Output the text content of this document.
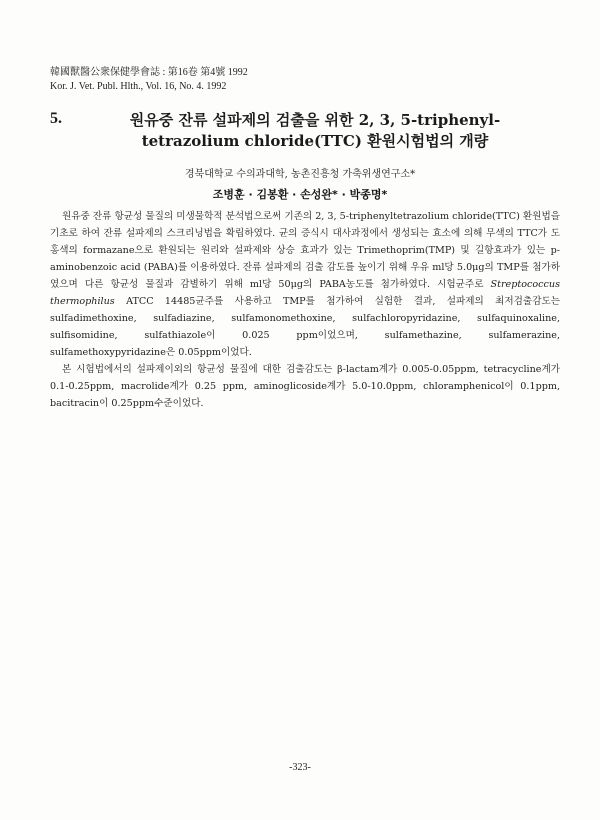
韓國獸醫公衆保健學會誌 : 第16卷 第4號 1992
Kor. J. Vet. Publ. Hlth., Vol. 16, No. 4. 1992
5.	원유중 잔류 설파제의 검출을 위한 2, 3, 5-triphenyl-
tetrazolium chloride(TTC) 환원시험법의 개량
경북대학교 수의과대학, 농촌진흥청 가축위생연구소*
조병훈 · 김봉환 · 손성완* · 박종명*

원유중 잔류 항균성 물질의 미생물학적 분석법으로써 기존의 2, 3, 5-triphenyltetrazolium chloride(TTC) 환원법을 기초로 하여 잔류 설파제의 스크리닝법을 확립하였다. 균의 증식시 대사과정에서 생성되는 효소에 의해 무색의 TTC가 도홍색의 formazane으로 환원되는 원리와 설파제와 상승 효과가 있는 Trimethoprim(TMP) 및 길항효과가 있는 p-aminobenzoic acid (PABA)를 이용하였다. 잔류 설파제의 검출 감도를 높이기 위해 우유 ml당 5.0μg의 TMP를 첨가하였으며 다른 항균성 물질과 감별하기 위해 ml당 50μg의 PABA농도를 첨가하였다. 시험균주로 Streptococcus thermophilus ATCC 14485균주를 사용하고 TMP를 첨가하여 실험한 결과, 설파제의 최저검출감도는 sulfadimethoxine, sulfadiazine, sulfamonomethoxine, sulfachloropyridazine, sulfaquinoxaline, sulfisomidine, sulfathiazole이 0.025 ppm이었으며, sulfamethazine, sulfamerazine, sulfamethoxypyridazine은 0.05ppm이었다.

본 시험법에서의 설파제이외의 항균성 물질에 대한 검출감도는 β-lactam계가 0.005-0.05ppm, tetracycline계가 0.1-0.25ppm, macrolide계가 0.25 ppm, aminoglicoside계가 5.0-10.0ppm, chloramphenicol이 0.1ppm, bacitracin이 0.25ppm수준이었다.

-323-
